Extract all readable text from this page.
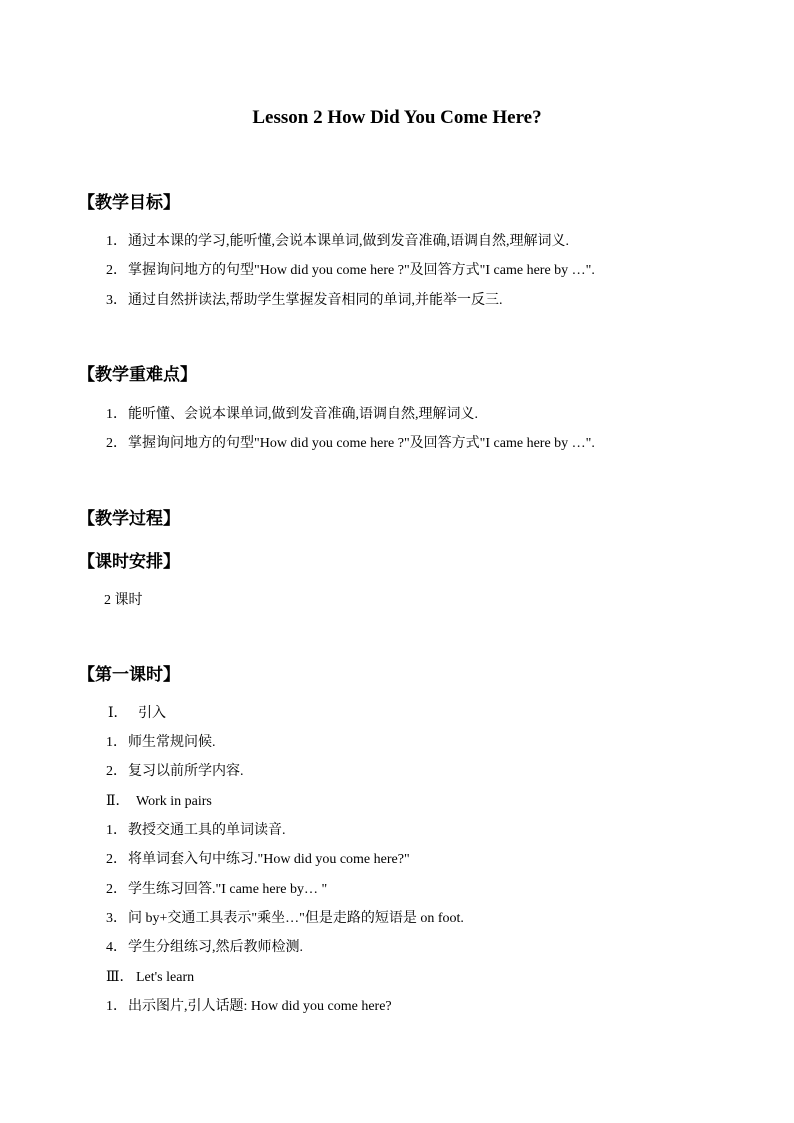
Lesson 2 How Did You Come Here?
【教学目标】
1．通过本课的学习,能听懂,会说本课单词,做到发音准确,语调自然,理解词义.
2．掌握询问地方的句型"How did you come here ?"及回答方式"I came here by …".
3．通过自然拼读法,帮助学生掌握发音相同的单词,并能举一反三.
【教学重难点】
1．能听懂、会说本课单词,做到发音准确,语调自然,理解词义.
2．掌握询问地方的句型"How did you come here ?"及回答方式"I came here by …".
【教学过程】
【课时安排】
2 课时
【第一课时】
Ⅰ． 引入
1．师生常规问候.
2．复习以前所学内容.
Ⅱ． Work in pairs
1．教授交通工具的单词读音.
2．将单词套入句中练习."How did you come here?"
2．学生练习回答."I came here by… "
3．问 by+交通工具表示"乘坐…"但是走路的短语是 on foot.
4．学生分组练习,然后教师检测.
Ⅲ． Let's learn
1．出示图片,引人话题: How did you come here?
